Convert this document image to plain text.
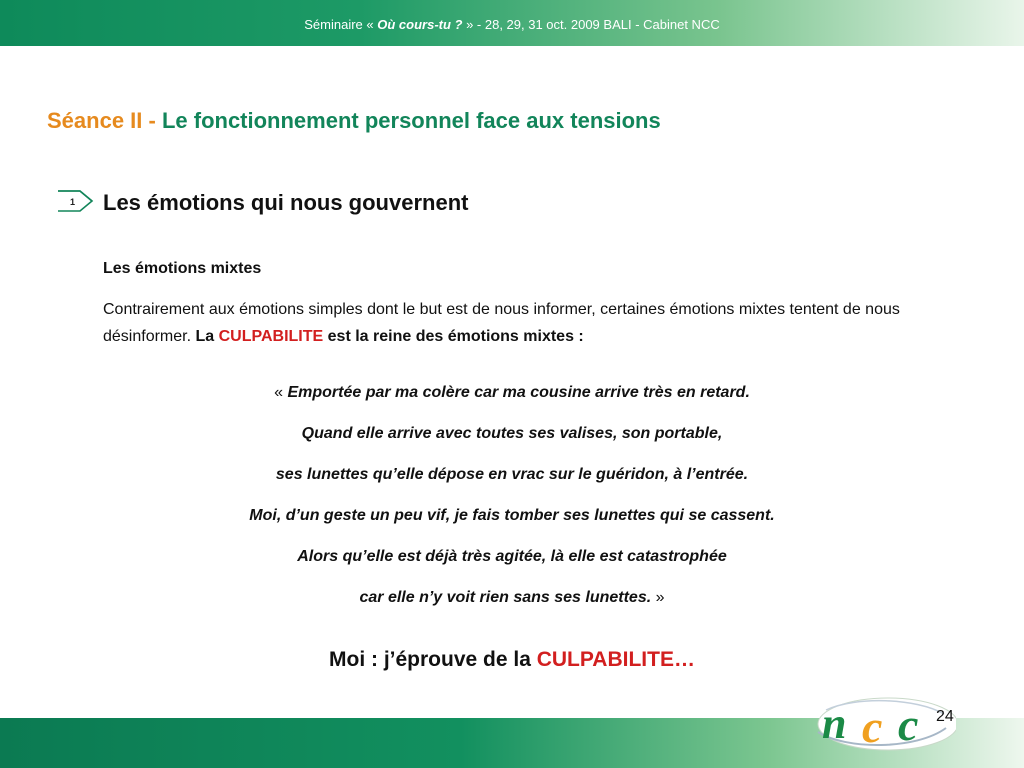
Séminaire « Où cours-tu ? » - 28, 29, 31 oct. 2009 BALI - Cabinet NCC
Séance II - Le fonctionnement personnel face aux tensions
1 Les émotions qui nous gouvernent
Les émotions mixtes
Contrairement aux émotions simples dont le but est de nous informer, certaines émotions mixtes tentent de nous désinformer. La CULPABILITE est la reine des émotions mixtes :
« Emportée par ma colère car ma cousine arrive très en retard.
Quand elle arrive avec toutes ses valises, son portable,
ses lunettes qu’elle dépose en vrac sur le guéridon, à l’entrée.
Moi, d’un geste un peu vif, je fais tomber ses lunettes qui se cassent.
Alors qu’elle est déjà très agitée, là elle est catastrophée
car elle n’y voit rien sans ses lunettes. »
Moi : j’éprouve de la CULPABILITE…
n c c 24
